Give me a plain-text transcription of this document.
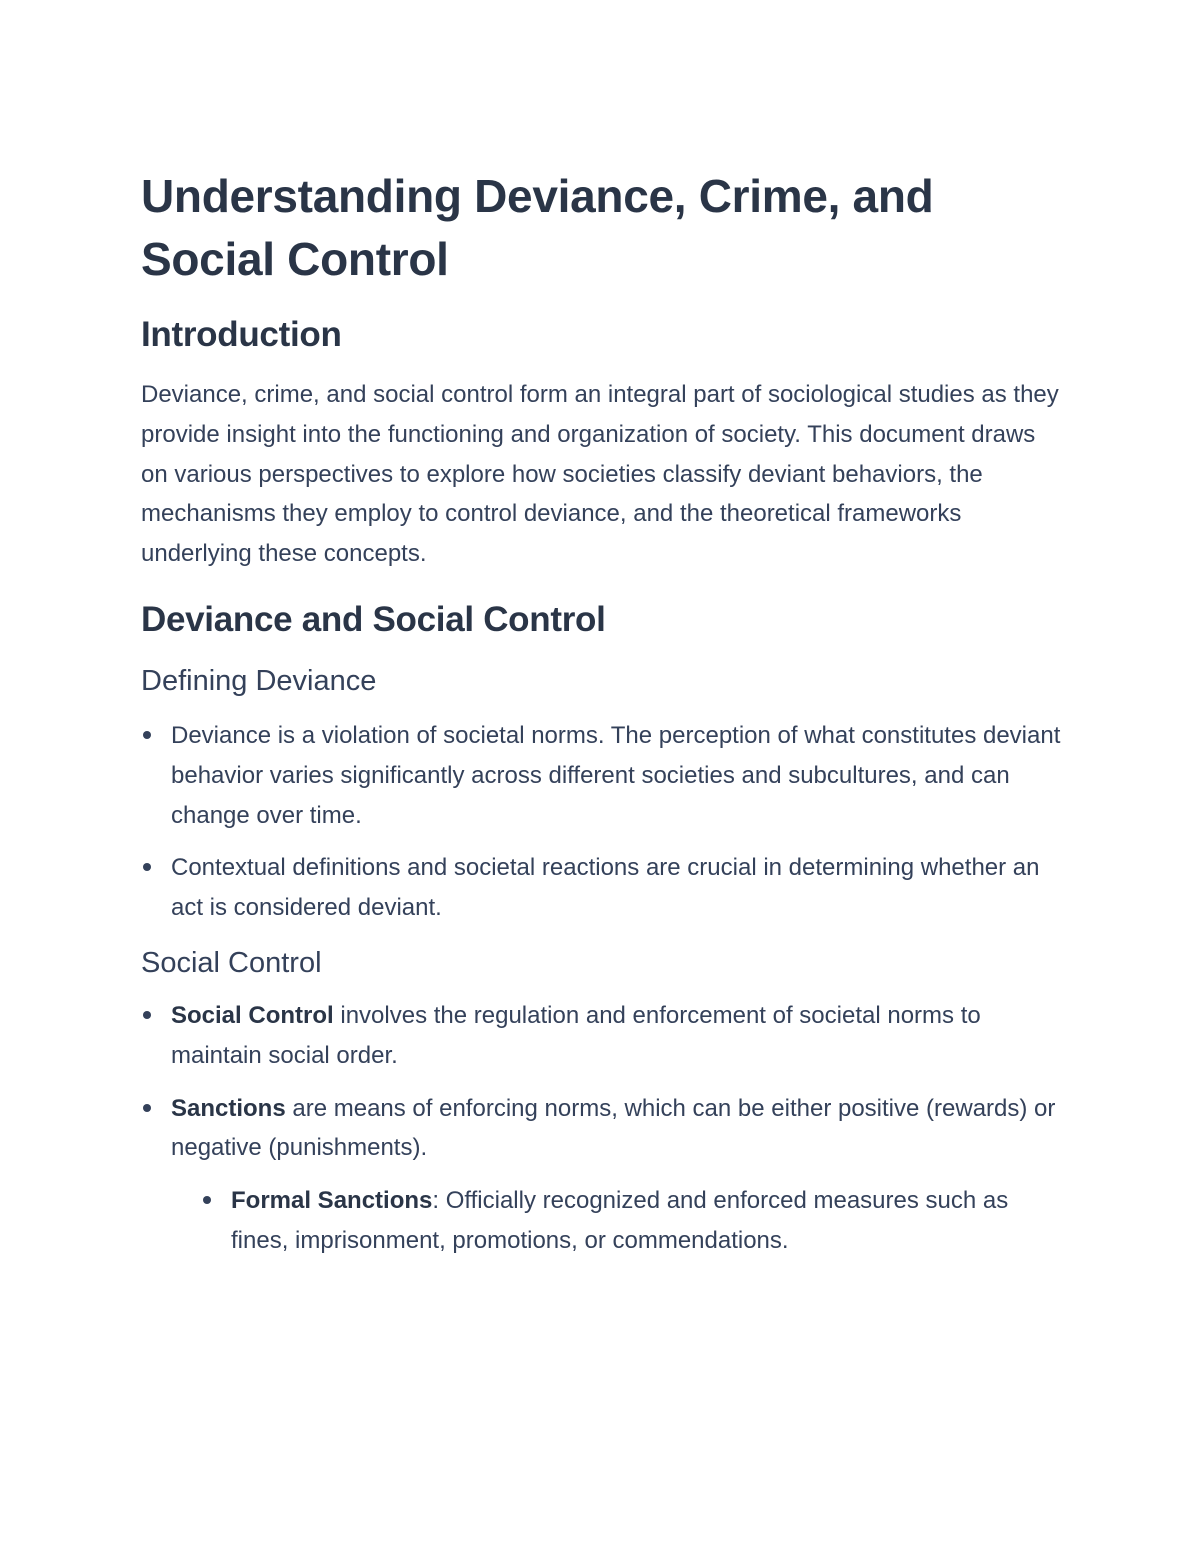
Understanding Deviance, Crime, and Social Control
Introduction

Deviance, crime, and social control form an integral part of sociological studies as they provide insight into the functioning and organization of society. This document draws on various perspectives to explore how societies classify deviant behaviors, the mechanisms they employ to control deviance, and the theoretical frameworks underlying these concepts.

Deviance and Social Control
Defining Deviance
Deviance is a violation of societal norms. The perception of what constitutes deviant behavior varies significantly across different societies and subcultures, and can change over time.
Contextual definitions and societal reactions are crucial in determining whether an act is considered deviant.
Social Control
Social Control involves the regulation and enforcement of societal norms to maintain social order.
Sanctions are means of enforcing norms, which can be either positive (rewards) or negative (punishments).
Formal Sanctions: Officially recognized and enforced measures such as fines, imprisonment, promotions, or commendations.
